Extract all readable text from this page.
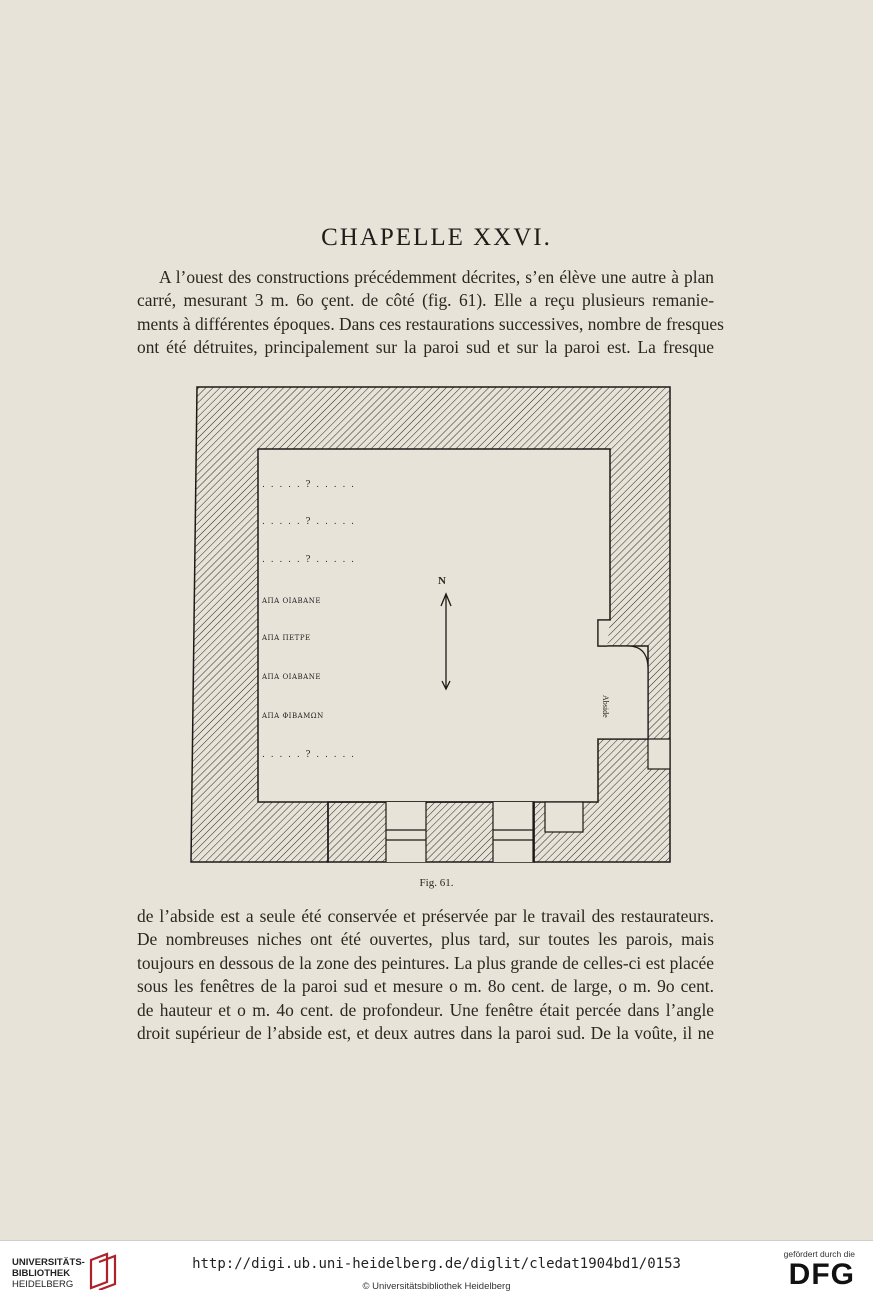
CHAPELLE XXVI.

A l’ouest des constructions précédemment décrites, s’en élève une autre à plan
carré, mesurant 3 m. 6o çent. de côté (fig. 61). Elle a reçu plusieurs remanie-
ments à différentes époques. Dans ces restaurations successives, nombre de fresques
ont été détruites, principalement sur la paroi sud et sur la paroi est. La fresque

. . . . . ? . . . . .
. . . . . ? . . . . .
. . . . . ? . . . . .
ΑΠΑ ΟΙΑΒΑΝΕ
ΑΠΑ ΠΕΤΡΕ
ΑΠΑ ΟΙΑΒΑΝΕ
ΑΠΑ ΦΙΒΑΜΩΝ
. . . . . ? . . . . .
N
Abside
Fig. 61.

de l’abside est a seule été conservée et préservée par le travail des restaurateurs.
De nombreuses niches ont été ouvertes, plus tard, sur toutes les parois, mais
toujours en dessous de la zone des peintures. La plus grande de celles-ci est placée
sous les fenêtres de la paroi sud et mesure o m. 8o cent. de large, o m. 9o cent.
de hauteur et o m. 4o cent. de profondeur. Une fenêtre était percée dans l’angle
droit supérieur de l’abside est, et deux autres dans la paroi sud. De la voûte, il ne

UNIVERSITÄTS-
BIBLIOTHEK
HEIDELBERG
http://digi.ub.uni-heidelberg.de/diglit/cledat1904bd1/0153
© Universitätsbibliothek Heidelberg
gefördert durch die
DFG
